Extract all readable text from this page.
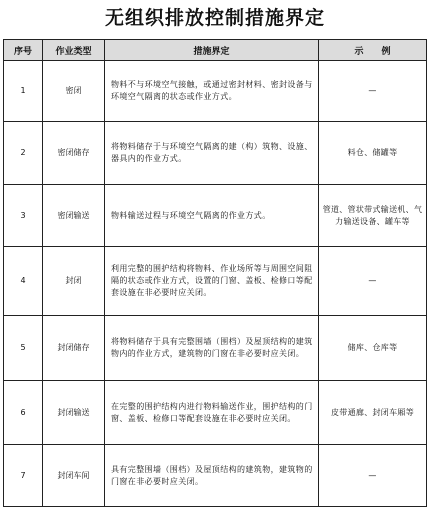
无组织排放控制措施界定
序号	作业类型	措施界定	示　　例
1	密闭	物料不与环境空气接触，或通过密封材料、密封设备与环境空气隔离的状态或作业方式。	—
2	密闭储存	将物料储存于与环境空气隔离的建（构）筑物、设施、器具内的作业方式。	料仓、储罐等
3	密闭输送	物料输送过程与环境空气隔离的作业方式。	管道、管状带式输送机、气力输送设备、罐车等
4	封闭	利用完整的围护结构将物料、作业场所等与周围空间阻隔的状态或作业方式，设置的门窗、盖板、检修口等配套设施在非必要时应关闭。	—
5	封闭储存	将物料储存于具有完整围墙（围档）及屋顶结构的建筑物内的作业方式，建筑物的门窗在非必要时应关闭。	储库、仓库等
6	封闭输送	在完整的围护结构内进行物料输送作业，围护结构的门窗、盖板、检修口等配套设施在非必要时应关闭。	皮带通廊、封闭车厢等
7	封闭车间	具有完整围墙（围档）及屋顶结构的建筑物，建筑物的门窗在非必要时应关闭。	—
